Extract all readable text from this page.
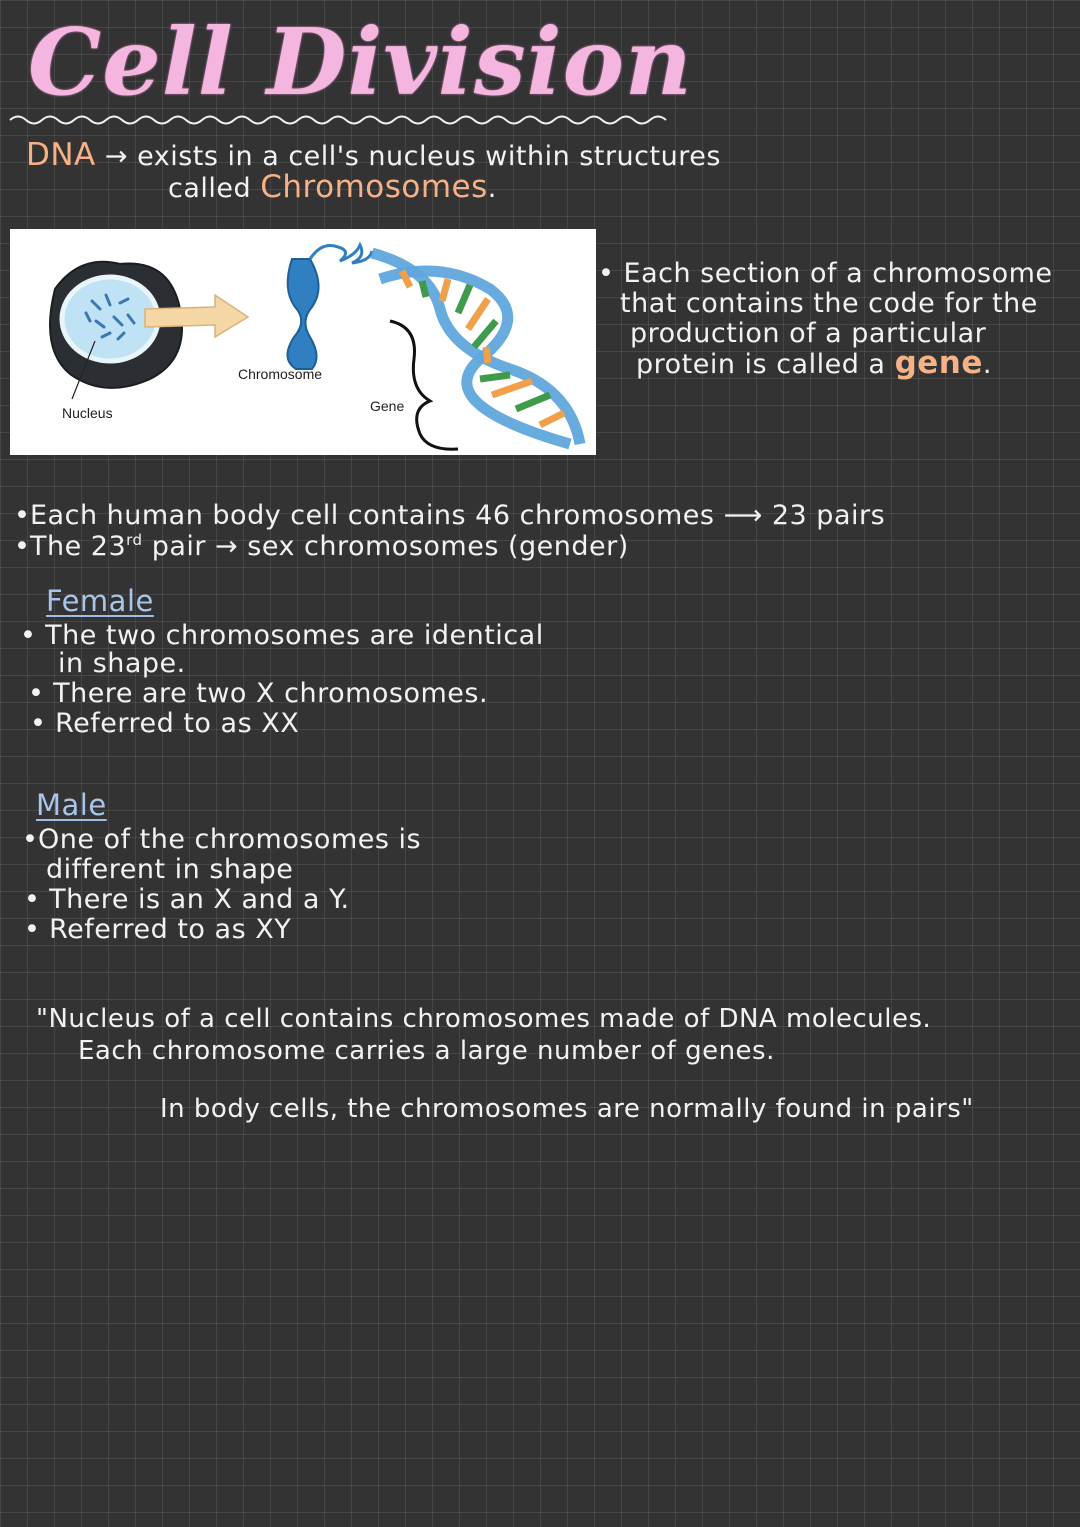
Cell Division
DNA → exists in a cell's nucleus within structures
called Chromosomes.
Nucleus
Chromosome
Gene
• Each section of a chromosome
that contains the code for the
production of a particular
protein is called a gene.
•Each human body cell contains 46 chromosomes ⟶ 23 pairs
•The 23rd pair → sex chromosomes (gender)
Female
• The two chromosomes are identical
in shape.
• There are two X chromosomes.
• Referred to as XX
Male
•One of the chromosomes is
different in shape
• There is an X and a Y.
• Referred to as XY
"Nucleus of a cell contains chromosomes made of DNA molecules.
Each chromosome carries a large number of genes.
In body cells, the chromosomes are normally found in pairs"
